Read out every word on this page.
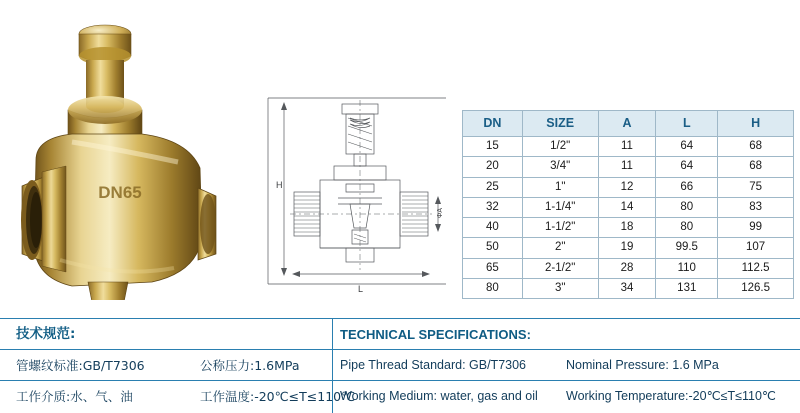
DN65	H
L
ФA
DN	SIZE	A	L	H
15	1/2"	11	64	68
20	3/4"	11	64	68
25	1"	12	66	75
32	1-1/4"	14	80	83
40	1-1/2"	18	80	99
50	2"	19	99.5	107
65	2-1/2"	28	110	112.5
80	3"	34	131	126.5
技术规范:	TECHNICAL SPECIFICATIONS:
管螺纹标准:GB/T7306	公称压力:1.6MPa	Pipe Thread Standard: GB/T7306	Nominal Pressure: 1.6 MPa
工作介质:水、气、油	工作温度:-20℃≤T≤110℃
Working Medium: water, gas and oil Working Temperature:-20℃≤T≤110℃
